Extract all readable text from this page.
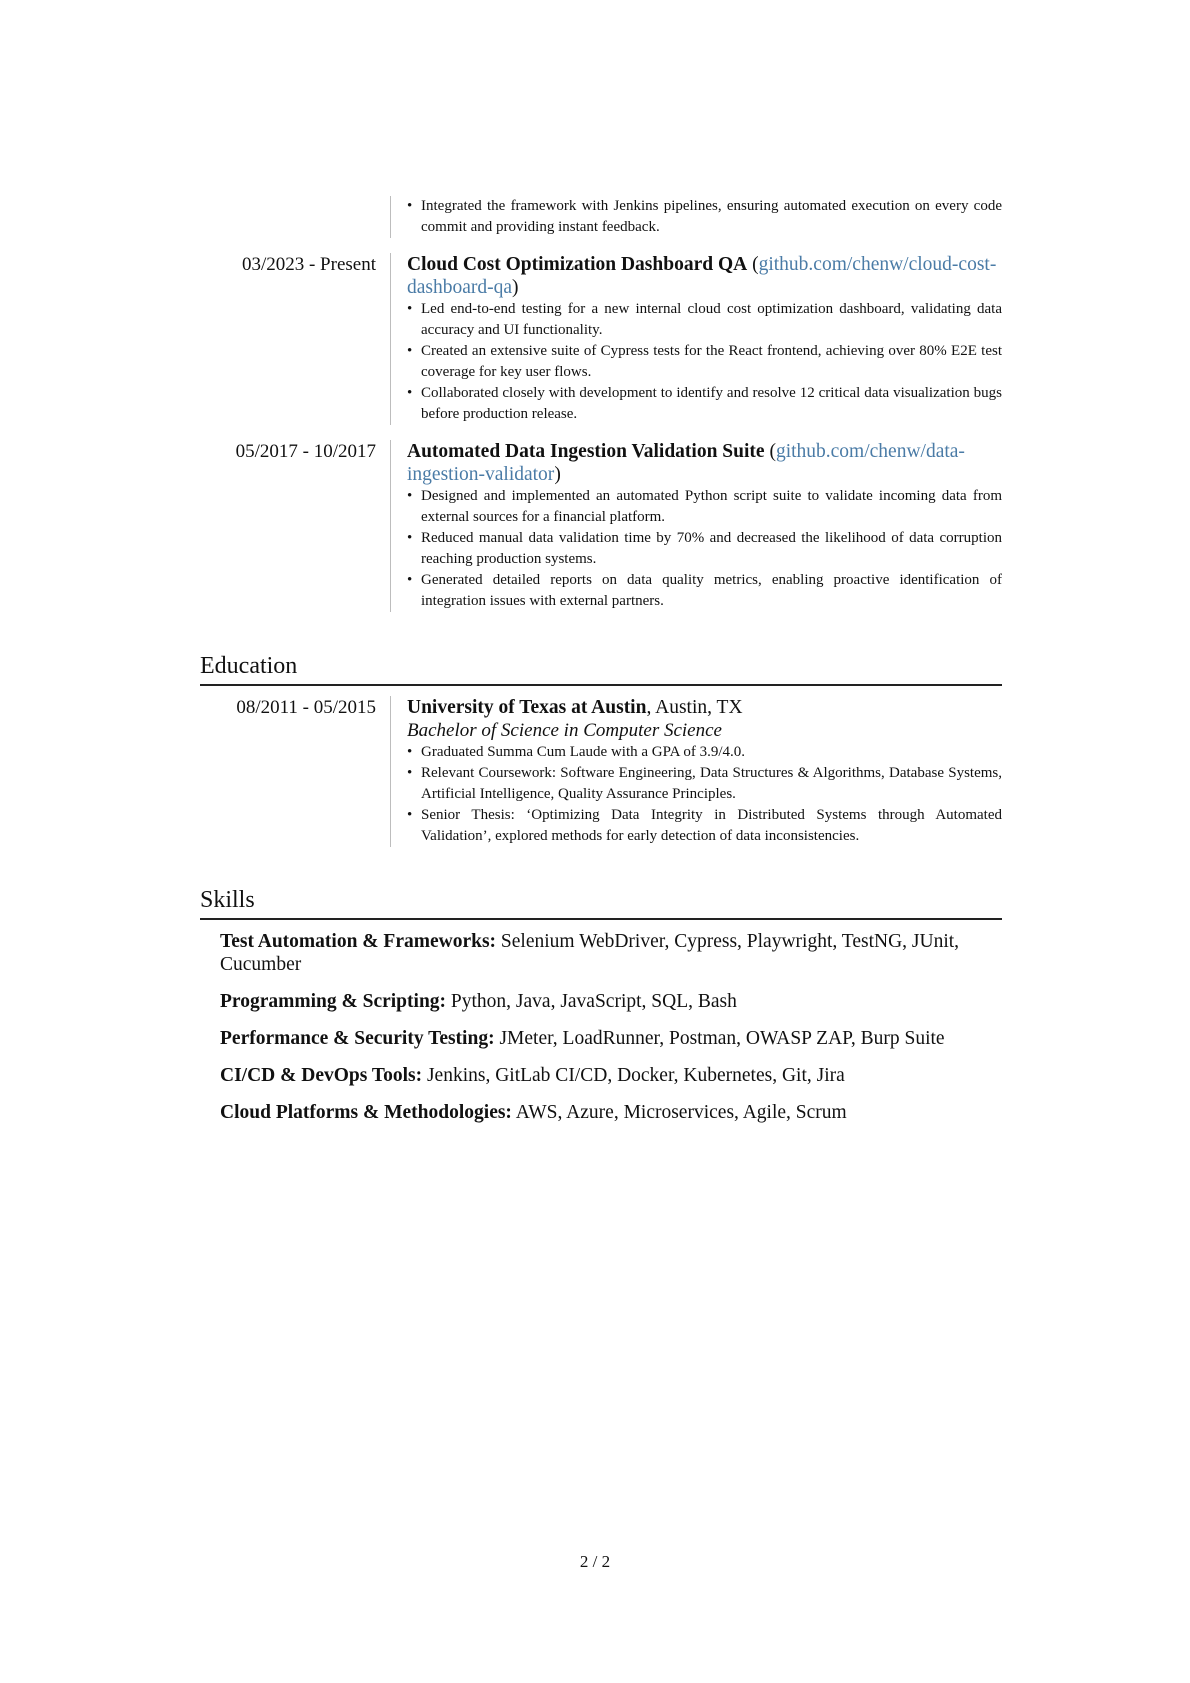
• Integrated the framework with Jenkins pipelines, ensuring automated execution on every code commit and providing instant feedback.
03/2023 - Present Cloud Cost Optimization Dashboard QA (github.com/chenw/cloud-cost-dashboard-qa)
• Led end-to-end testing for a new internal cloud cost optimization dashboard, validating data accuracy and UI functionality.
• Created an extensive suite of Cypress tests for the React frontend, achieving over 80% E2E test coverage for key user flows.
• Collaborated closely with development to identify and resolve 12 critical data visualization bugs before production release.
05/2017 - 10/2017 Automated Data Ingestion Validation Suite (github.com/chenw/data-ingestion-validator)
• Designed and implemented an automated Python script suite to validate incoming data from external sources for a financial platform.
• Reduced manual data validation time by 70% and decreased the likelihood of data corruption reaching production systems.
• Generated detailed reports on data quality metrics, enabling proactive identification of integration issues with external partners.
Education
08/2011 - 05/2015 University of Texas at Austin, Austin, TX
Bachelor of Science in Computer Science
• Graduated Summa Cum Laude with a GPA of 3.9/4.0.
• Relevant Coursework: Software Engineering, Data Structures & Algorithms, Database Systems, Artificial Intelligence, Quality Assurance Principles.
• Senior Thesis: ‘Optimizing Data Integrity in Distributed Systems through Automated Validation’, explored methods for early detection of data inconsistencies.
Skills
Test Automation & Frameworks: Selenium WebDriver, Cypress, Playwright, TestNG, JUnit, Cucumber
Programming & Scripting: Python, Java, JavaScript, SQL, Bash
Performance & Security Testing: JMeter, LoadRunner, Postman, OWASP ZAP, Burp Suite
CI/CD & DevOps Tools: Jenkins, GitLab CI/CD, Docker, Kubernetes, Git, Jira
Cloud Platforms & Methodologies: AWS, Azure, Microservices, Agile, Scrum
2 / 2
